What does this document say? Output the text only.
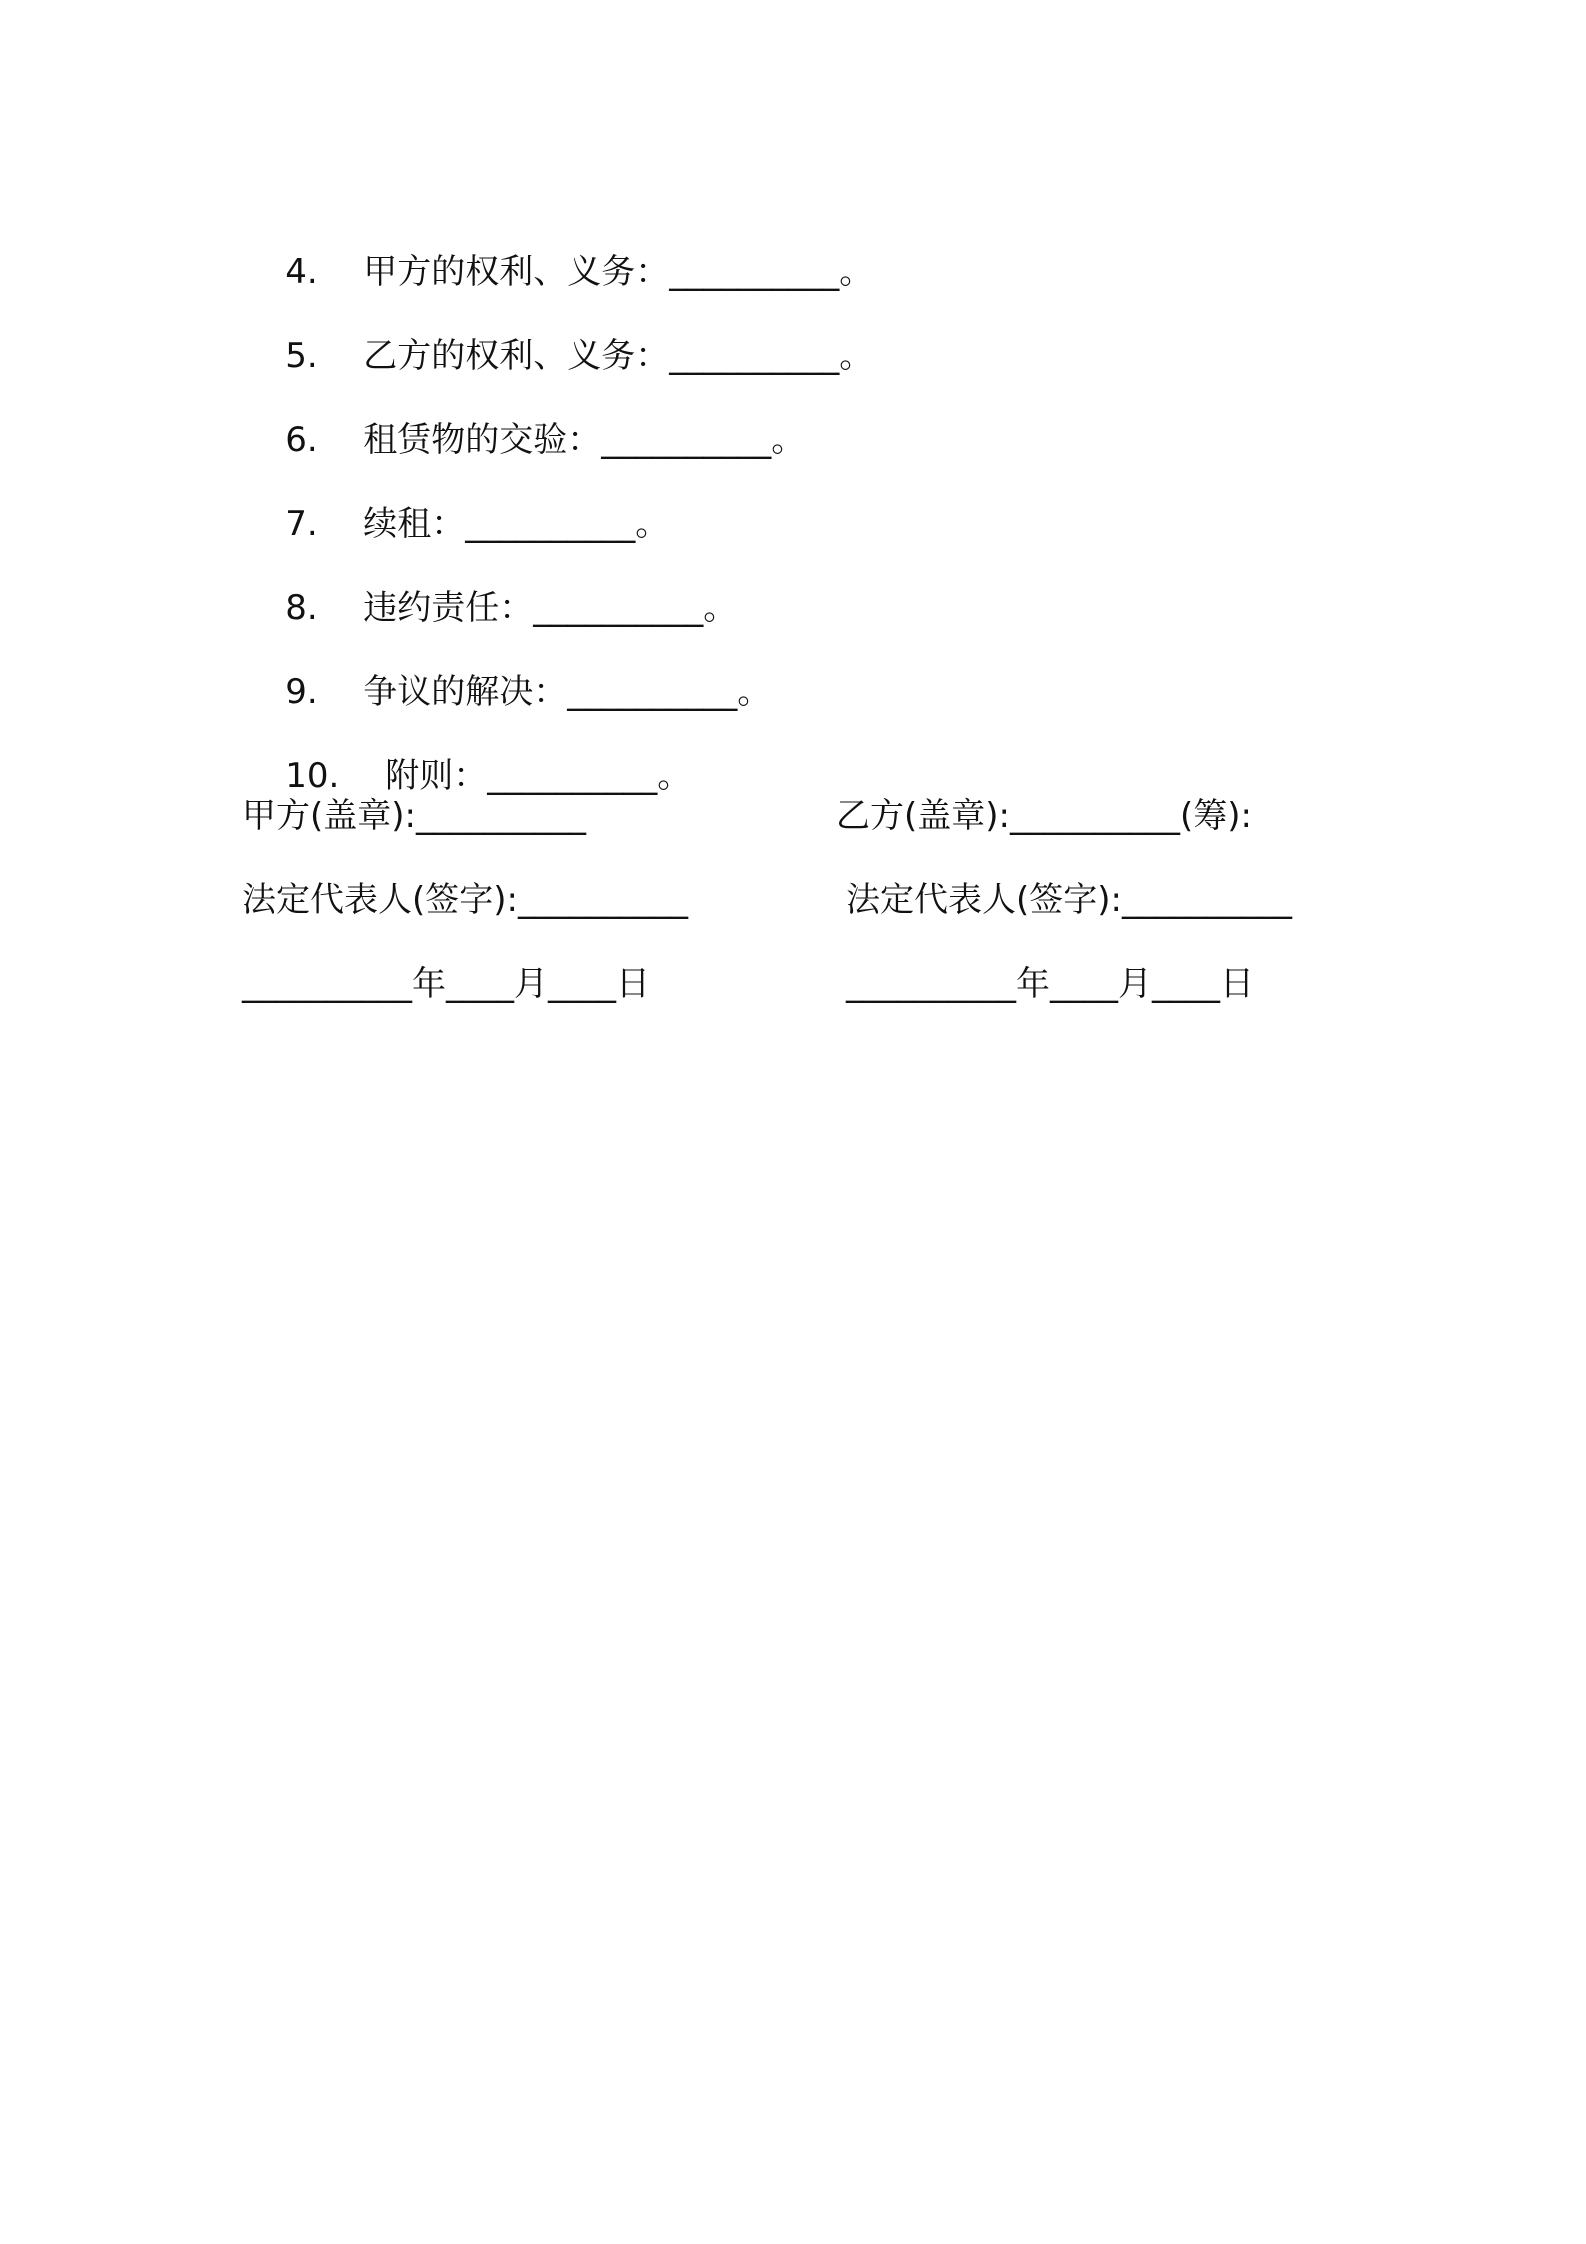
4. 甲方的权利、义务：__________。

5. 乙方的权利、义务：__________。

6. 租赁物的交验：__________。

7. 续租：__________。

8. 违约责任：__________。

9. 争议的解决：__________。

10. 附则：__________。

甲方(盖章):__________	乙方(盖章):__________(筹):
法定代表人(签字):__________	法定代表人(签字):__________
__________年____月____日	__________年____月____日
